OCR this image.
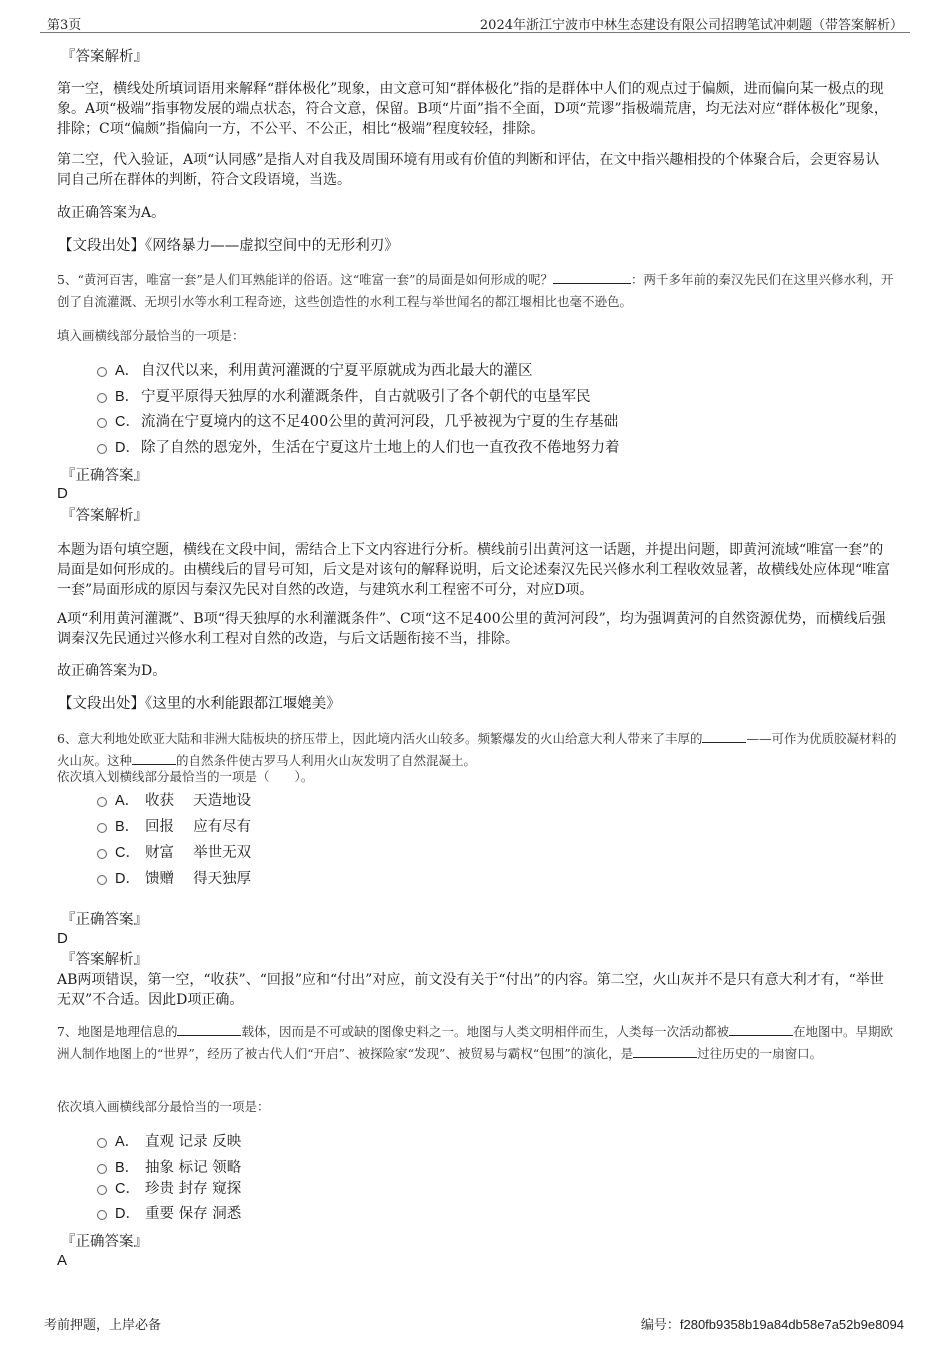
第3页	2024年浙江宁波市中林生态建设有限公司招聘笔试冲刺题（带答案解析）
『答案解析』
第一空，横线处所填词语用来解释“群体极化”现象，由文意可知“群体极化”指的是群体中人们的观点过于偏颇，进而偏向某一极点的现象。A项“极端”指事物发展的端点状态，符合文意，保留。B项“片面”指不全面，D项“荒谬”指极端荒唐，均无法对应“群体极化”现象，排除；C项“偏颇”指偏向一方，不公平、不公正，相比“极端”程度较轻，排除。
第二空，代入验证，A项“认同感”是指人对自我及周围环境有用或有价值的判断和评估，在文中指兴趣相投的个体聚合后，会更容易认同自己所在群体的判断，符合文段语境，当选。
故正确答案为A。
【文段出处】《网络暴力——虚拟空间中的无形利刃》
5、“黄河百害，唯富一套”是人们耳熟能详的俗语。这“唯富一套”的局面是如何形成的呢？	：两千多年前的秦汉先民们在这里兴修水利，开创了自流灌溉、无坝引水等水利工程奇迹，这些创造性的水利工程与举世闻名的都江堰相比也毫不逊色。
填入画横线部分最恰当的一项是：
A． 自汉代以来，利用黄河灌溉的宁夏平原就成为西北最大的灌区
B． 宁夏平原得天独厚的水利灌溉条件，自古就吸引了各个朝代的屯垦军民
C． 流淌在宁夏境内的这不足400公里的黄河河段，几乎被视为宁夏的生存基础
D． 除了自然的恩宠外，生活在宁夏这片土地上的人们也一直孜孜不倦地努力着
『正确答案』
D
『答案解析』
本题为语句填空题，横线在文段中间，需结合上下文内容进行分析。横线前引出黄河这一话题，并提出问题，即黄河流域“唯富一套”的局面是如何形成的。由横线后的冒号可知，后文是对该句的解释说明，后文论述秦汉先民兴修水利工程收效显著，故横线处应体现“唯富一套”局面形成的原因与秦汉先民对自然的改造，与建筑水利工程密不可分，对应D项。
A项“利用黄河灌溉”、B项“得天独厚的水利灌溉条件”、C项“这不足400公里的黄河河段”，均为强调黄河的自然资源优势，而横线后强调秦汉先民通过兴修水利工程对自然的改造，与后文话题衔接不当，排除。
故正确答案为D。
【文段出处】《这里的水利能跟都江堰媲美》
6、意大利地处欧亚大陆和非洲大陆板块的挤压带上，因此境内活火山较多。频繁爆发的火山给意大利人带来了丰厚的	——可作为优质胶凝材料的火山灰。这种	的自然条件使古罗马人利用火山灰发明了自然混凝土。
依次填入划横线部分最恰当的一项是（　　）。
A． 收获　 天造地设
B． 回报　 应有尽有
C． 财富　 举世无双
D． 馈赠　 得天独厚
『正确答案』
D
『答案解析』
AB两项错误，第一空，“收获”、“回报”应和“付出”对应，前文没有关于“付出”的内容。第二空，火山灰并不是只有意大利才有，“举世无双”不合适。因此D项正确。
7、地图是地理信息的	载体，因而是不可或缺的图像史料之一。地图与人类文明相伴而生，人类每一次活动都被	在地图中。早期欧洲人制作地图上的“世界”，经历了被古代人们“开启”、被探险家“发现”、被贸易与霸权“包围”的演化，是	过往历史的一扇窗口。
依次填入画横线部分最恰当的一项是：
A． 直观 记录 反映
B． 抽象 标记 领略
C． 珍贵 封存 窥探
D． 重要 保存 洞悉
『正确答案』
A
考前押题，上岸必备	编号：f280fb9358b19a84db58e7a52b9e8094
